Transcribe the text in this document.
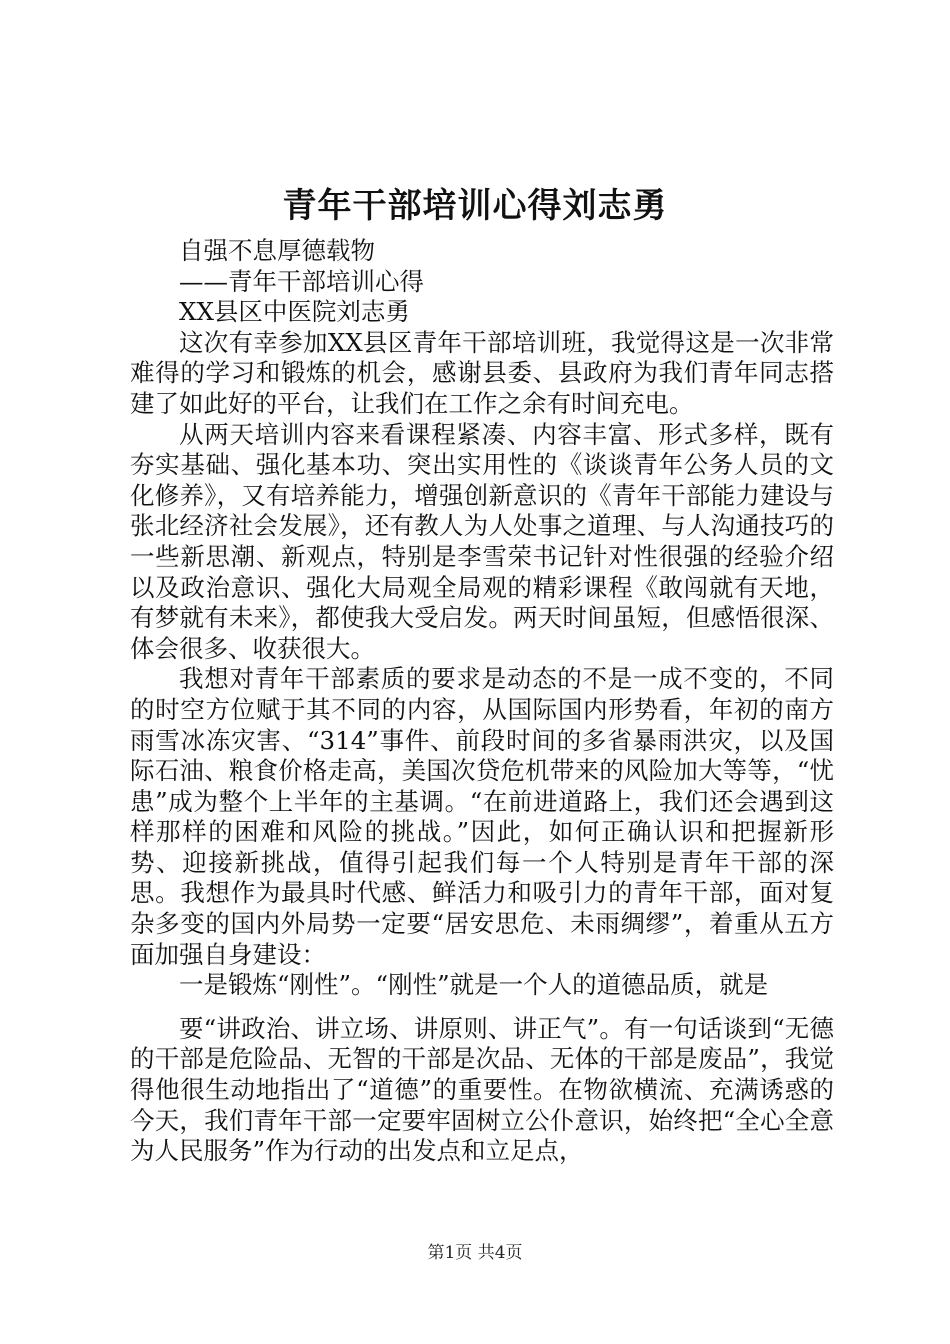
青年干部培训心得刘志勇

自强不息厚德载物

——青年干部培训心得

XX县区中医院刘志勇

这次有幸参加XX县区青年干部培训班，我觉得这是一次非常难得的学习和锻炼的机会，感谢县委、县政府为我们青年同志搭建了如此好的平台，让我们在工作之余有时间充电。

从两天培训内容来看课程紧凑、内容丰富、形式多样，既有夯实基础、强化基本功、突出实用性的《谈谈青年公务人员的文化修养》，又有培养能力，增强创新意识的《青年干部能力建设与张北经济社会发展》，还有教人为人处事之道理、与人沟通技巧的一些新思潮、新观点，特别是李雪荣书记针对性很强的经验介绍以及政治意识、强化大局观全局观的精彩课程《敢闯就有天地，有梦就有未来》，都使我大受启发。两天时间虽短，但感悟很深、体会很多、收获很大。

我想对青年干部素质的要求是动态的不是一成不变的，不同的时空方位赋于其不同的内容，从国际国内形势看，年初的南方雨雪冰冻灾害、“314”事件、前段时间的多省暴雨洪灾，以及国际石油、粮食价格走高，美国次贷危机带来的风险加大等等，“忧患”成为整个上半年的主基调。“在前进道路上，我们还会遇到这样那样的困难和风险的挑战。”因此，如何正确认识和把握新形势、迎接新挑战，值得引起我们每一个人特别是青年干部的深思。我想作为最具时代感、鲜活力和吸引力的青年干部，面对复杂多变的国内外局势一定要“居安思危、未雨绸缪”，着重从五方面加强自身建设：

一是锻炼“刚性”。“刚性”就是一个人的道德品质，就是

要“讲政治、讲立场、讲原则、讲正气”。有一句话谈到“无德的干部是危险品、无智的干部是次品、无体的干部是废品”，我觉得他很生动地指出了“道德”的重要性。在物欲横流、充满诱惑的今天，我们青年干部一定要牢固树立公仆意识，始终把“全心全意为人民服务”作为行动的出发点和立足点，

第1页 共4页
